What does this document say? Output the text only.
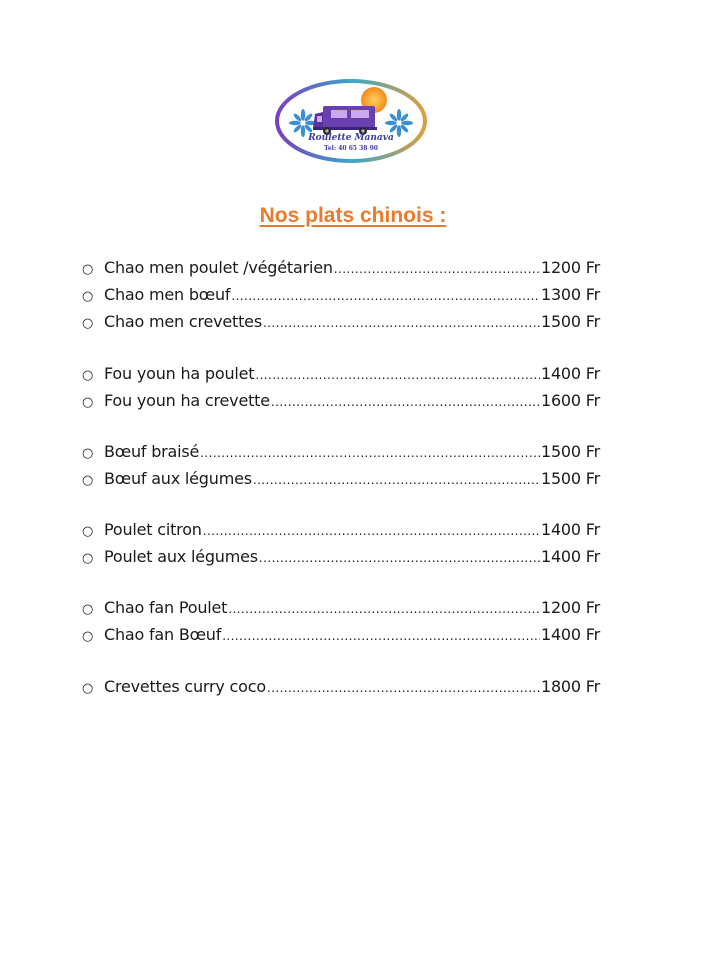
Roulette Manava
Tel: 40 65 38 90
Nos plats chinois :
○ Chao men poulet /végétarien .....	1200 Fr
○ Chao men bœuf .....	1300 Fr
○ Chao men crevettes .....	1500 Fr
○ Fou youn ha poulet .....	1400 Fr
○ Fou youn ha crevette .....	1600 Fr
○ Bœuf braisé .....	1500 Fr
○ Bœuf aux légumes .....	1500 Fr
○ Poulet citron .....	1400 Fr
○ Poulet aux légumes .....	1400 Fr
○ Chao fan Poulet .....	1200 Fr
○ Chao fan Bœuf .....	1400 Fr
○ Crevettes curry coco .....	1800 Fr
